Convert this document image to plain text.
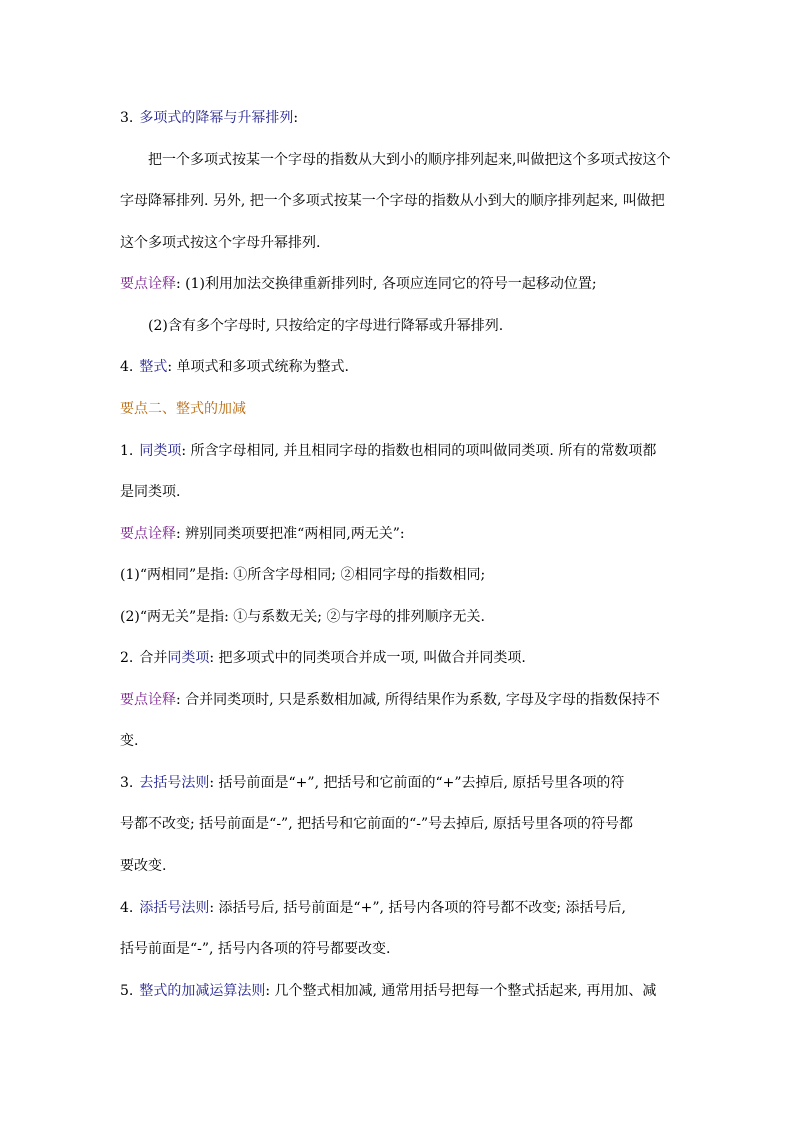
3. 多项式的降幂与升幂排列:
把一个多项式按某一个字母的指数从大到小的顺序排列起来,叫做把这个多项式按这个
字母降幂排列. 另外, 把一个多项式按某一个字母的指数从小到大的顺序排列起来, 叫做把
这个多项式按这个字母升幂排列.
要点诠释: (1)利用加法交换律重新排列时, 各项应连同它的符号一起移动位置;
(2)含有多个字母时, 只按给定的字母进行降幂或升幂排列.
4. 整式: 单项式和多项式统称为整式.
要点二、整式的加减
1. 同类项: 所含字母相同, 并且相同字母的指数也相同的项叫做同类项. 所有的常数项都
是同类项.
要点诠释: 辨别同类项要把准“两相同,两无关”:
(1)“两相同”是指: ①所含字母相同; ②相同字母的指数相同;
(2)“两无关”是指: ①与系数无关; ②与字母的排列顺序无关.
2. 合并同类项: 把多项式中的同类项合并成一项, 叫做合并同类项.
要点诠释: 合并同类项时, 只是系数相加减, 所得结果作为系数, 字母及字母的指数保持不
变.
3. 去括号法则: 括号前面是“+”, 把括号和它前面的“+”去掉后, 原括号里各项的符
号都不改变; 括号前面是“-”, 把括号和它前面的“-”号去掉后, 原括号里各项的符号都
要改变.
4. 添括号法则: 添括号后, 括号前面是“+”, 括号内各项的符号都不改变; 添括号后,
括号前面是“-”, 括号内各项的符号都要改变.
5. 整式的加减运算法则: 几个整式相加减, 通常用括号把每一个整式括起来, 再用加、减
